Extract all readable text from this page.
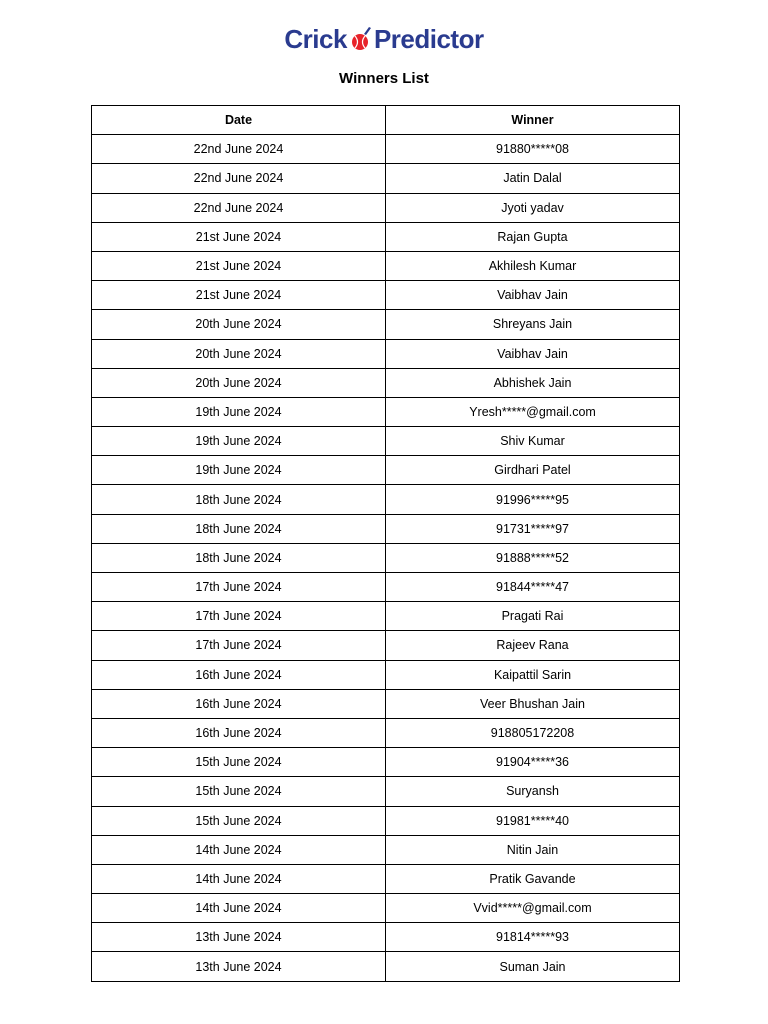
Crick Predictor
Winners List
Date	Winner
22nd June 2024	91880*****08
22nd June 2024	Jatin Dalal
22nd June 2024	Jyoti yadav
21st June 2024	Rajan Gupta
21st June 2024	Akhilesh Kumar
21st June 2024	Vaibhav Jain
20th June 2024	Shreyans Jain
20th June 2024	Vaibhav Jain
20th June 2024	Abhishek Jain
19th June 2024	Yresh*****@gmail.com
19th June 2024	Shiv Kumar
19th June 2024	Girdhari Patel
18th June 2024	91996*****95
18th June 2024	91731*****97
18th June 2024	91888*****52
17th June 2024	91844*****47
17th June 2024	Pragati Rai
17th June 2024	Rajeev Rana
16th June 2024	Kaipattil Sarin
16th June 2024	Veer Bhushan Jain
16th June 2024	918805172208
15th June 2024	91904*****36
15th June 2024	Suryansh
15th June 2024	91981*****40
14th June 2024	Nitin Jain
14th June 2024	Pratik Gavande
14th June 2024	Vvid*****@gmail.com
13th June 2024	91814*****93
13th June 2024	Suman Jain
